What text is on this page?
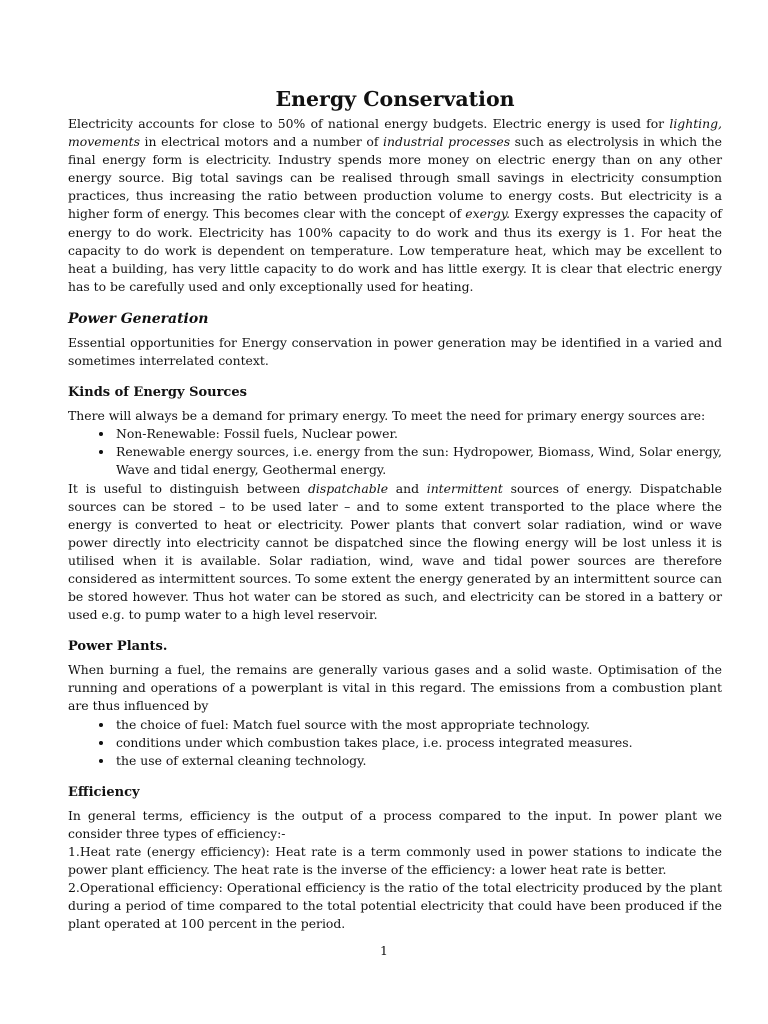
Energy Conservation

Electricity accounts for close to 50% of national energy budgets. Electric energy is used for lighting, movements in electrical motors and a number of industrial processes such as electrolysis in which the final energy form is electricity. Industry spends more money on electric energy than on any other energy source. Big total savings can be realised through small savings in electricity consumption practices, thus increasing the ratio between production volume to energy costs. But electricity is a higher form of energy. This becomes clear with the concept of exergy. Exergy expresses the capacity of energy to do work. Electricity has 100% capacity to do work and thus its exergy is 1. For heat the capacity to do work is dependent on temperature. Low temperature heat, which may be excellent to heat a building, has very little capacity to do work and has little exergy. It is clear that electric energy has to be carefully used and only exceptionally used for heating.

Power Generation

Essential opportunities for Energy conservation in power generation may be identified in a varied and sometimes interrelated context.

Kinds of Energy Sources

There will always be a demand for primary energy. To meet the need for primary energy sources are:

• Non-Renewable: Fossil fuels, Nuclear power.
• Renewable energy sources, i.e. energy from the sun: Hydropower, Biomass, Wind, Solar energy, Wave and tidal energy, Geothermal energy.

It is useful to distinguish between dispatchable and intermittent sources of energy. Dispatchable sources can be stored – to be used later – and to some extent transported to the place where the energy is converted to heat or electricity. Power plants that convert solar radiation, wind or wave power directly into electricity cannot be dispatched since the flowing energy will be lost unless it is utilised when it is available. Solar radiation, wind, wave and tidal power sources are therefore considered as intermittent sources. To some extent the energy generated by an intermittent source can be stored however. Thus hot water can be stored as such, and electricity can be stored in a battery or used e.g. to pump water to a high level reservoir.

Power Plants.

When burning a fuel, the remains are generally various gases and a solid waste. Optimisation of the running and operations of a powerplant is vital in this regard. The emissions from a combustion plant are thus influenced by

• the choice of fuel: Match fuel source with the most appropriate technology.
• conditions under which combustion takes place, i.e. process integrated measures.
• the use of external cleaning technology.
Efficiency

In general terms, efficiency is the output of a process compared to the input. In power plant we consider three types of efficiency:-

1.Heat rate (energy efficiency): Heat rate is a term commonly used in power stations to indicate the power plant efficiency. The heat rate is the inverse of the efficiency: a lower heat rate is better.

2.Operational efficiency: Operational efficiency is the ratio of the total electricity produced by the plant during a period of time compared to the total potential electricity that could have been produced if the plant operated at 100 percent in the period.

1
